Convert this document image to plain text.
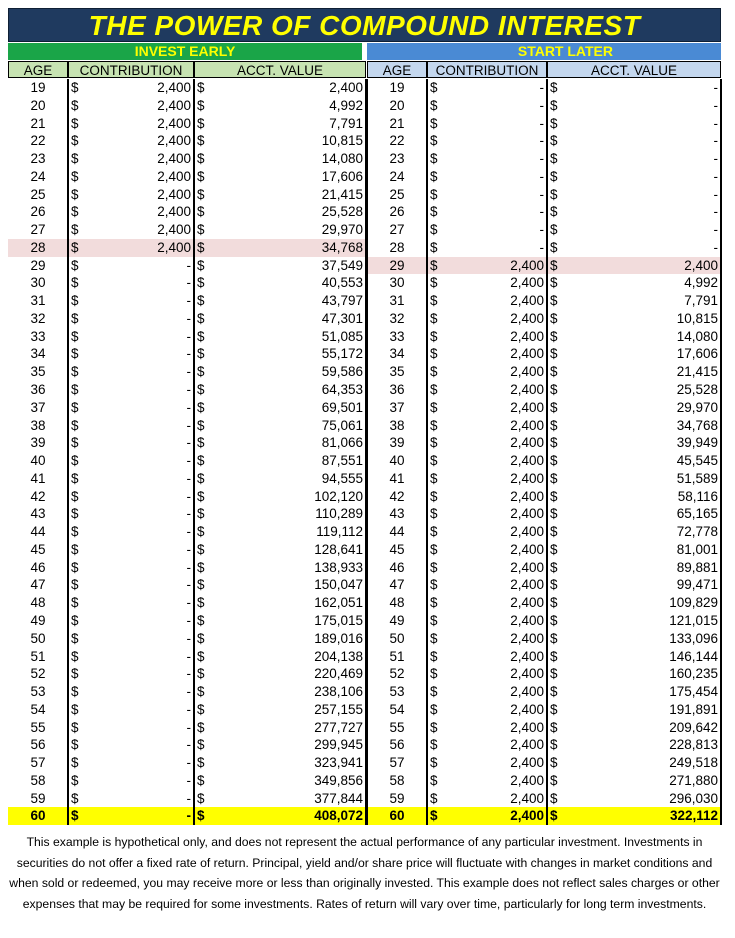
THE POWER OF COMPOUND INTEREST
INVEST EARLY	START LATER
AGE	CONTRIBUTION	ACCT. VALUE	AGE	CONTRIBUTION	ACCT. VALUE
19	$	2,400 $	2,400	19	$	- $	-
20	$	2,400 $	4,992	20	$	- $	-
21	$	2,400 $	7,791	21	$	- $	-
22	$	2,400 $	10,815	22	$	- $	-
23	$	2,400 $	14,080	23	$	- $	-
24	$	2,400 $	17,606	24	$	- $	-
25	$	2,400 $	21,415	25	$	- $	-
26	$	2,400 $	25,528	26	$	- $	-
27	$	2,400 $	29,970	27	$	- $	-
28	$	2,400 $	34,768	28	$	- $	-
29	$	- $	37,549	29	$	2,400 $	2,400
30	$	- $	40,553	30	$	2,400 $	4,992
31	$	- $	43,797	31	$	2,400 $	7,791
32	$	- $	47,301	32	$	2,400 $	10,815
33	$	- $	51,085	33	$	2,400 $	14,080
34	$	- $	55,172	34	$	2,400 $	17,606
35	$	- $	59,586	35	$	2,400 $	21,415
36	$	- $	64,353	36	$	2,400 $	25,528
37	$	- $	69,501	37	$	2,400 $	29,970
38	$	- $	75,061	38	$	2,400 $	34,768
39	$	- $	81,066	39	$	2,400 $	39,949
40	$	- $	87,551	40	$	2,400 $	45,545
41	$	- $	94,555	41	$	2,400 $	51,589
42	$	- $	102,120	42	$	2,400 $	58,116
43	$	- $	110,289	43	$	2,400 $	65,165
44	$	- $	119,112	44	$	2,400 $	72,778
45	$	- $	128,641	45	$	2,400 $	81,001
46	$	- $	138,933	46	$	2,400 $	89,881
47	$	- $	150,047	47	$	2,400 $	99,471
48	$	- $	162,051	48	$	2,400 $	109,829
49	$	- $	175,015	49	$	2,400 $	121,015
50	$	- $	189,016	50	$	2,400 $	133,096
51	$	- $	204,138	51	$	2,400 $	146,144
52	$	- $	220,469	52	$	2,400 $	160,235
53	$	- $	238,106	53	$	2,400 $	175,454
54	$	- $	257,155	54	$	2,400 $	191,891
55	$	- $	277,727	55	$	2,400 $	209,642
56	$	- $	299,945	56	$	2,400 $	228,813
57	$	- $	323,941	57	$	2,400 $	249,518
58	$	- $	349,856	58	$	2,400 $	271,880
59	$	- $	377,844	59	$	2,400 $	296,030
60	$	- $	408,072	60	$	2,400 $	322,112
This example is hypothetical only, and does not represent the actual performance of any particular investment. Investments in securities do not offer a fixed rate of return. Principal, yield and/or share price will fluctuate with changes in market conditions and when sold or redeemed, you may receive more or less than originally invested. This example does not reflect sales charges or other expenses that may be required for some investments. Rates of return will vary over time, particularly for long term investments.
